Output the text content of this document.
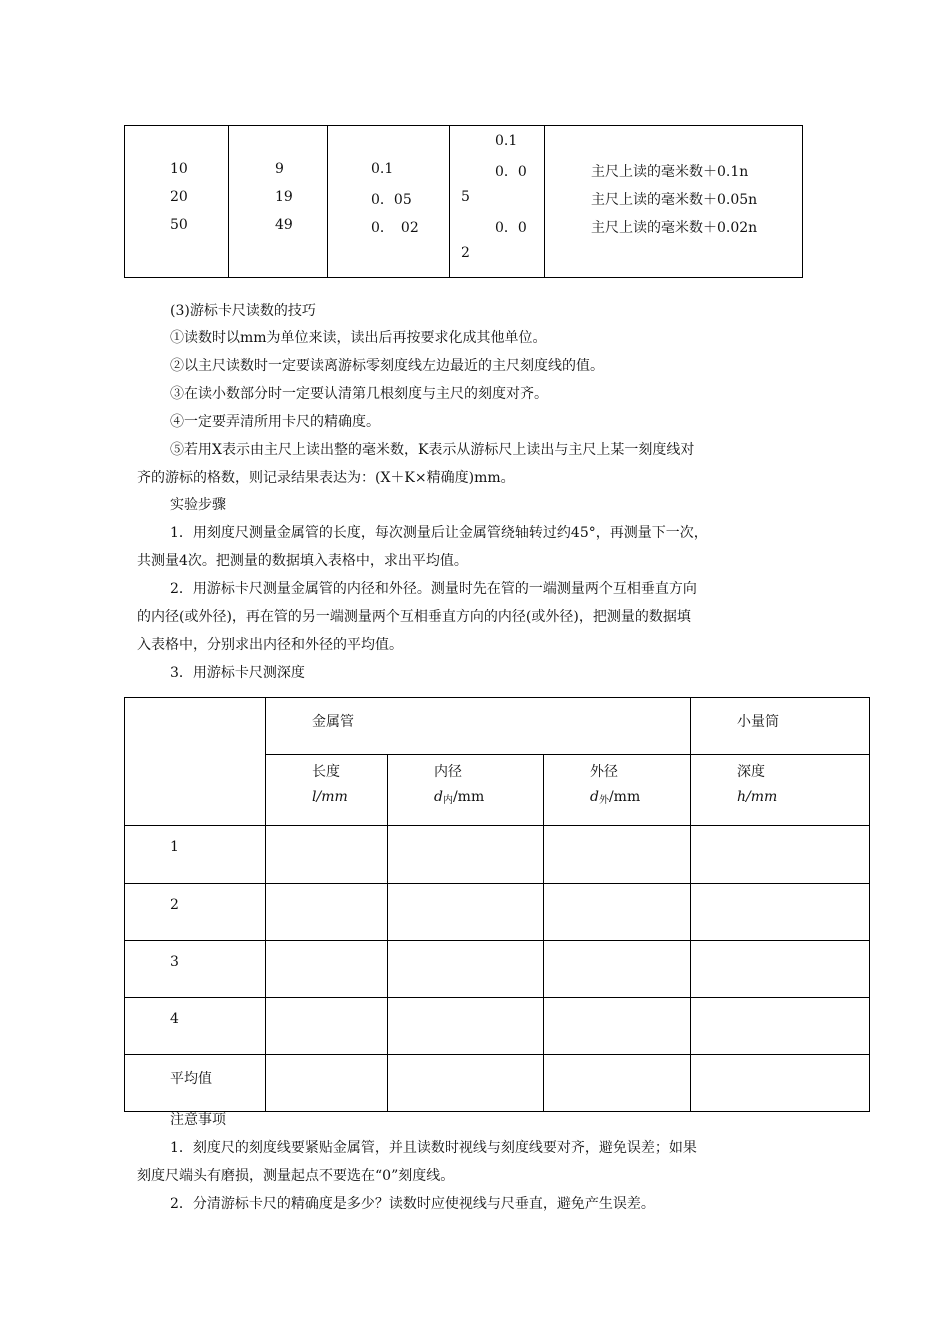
10
20
50
9
19
49
0.1
0．05
0．　02
0.1
0．0
5
0．0
2
主尺上读的毫米数＋0.1n
主尺上读的毫米数＋0.05n
主尺上读的毫米数＋0.02n
(3)游标卡尺读数的技巧
①读数时以mm为单位来读，读出后再按要求化成其他单位。
②以主尺读数时一定要读离游标零刻度线左边最近的主尺刻度线的值。
③在读小数部分时一定要认清第几根刻度与主尺的刻度对齐。
④一定要弄清所用卡尺的精确度。
⑤若用X表示由主尺上读出整的毫米数，K表示从游标尺上读出与主尺上某一刻度线对
齐的游标的格数，则记录结果表达为：(X＋K×精确度)mm。
实验步骤
1．用刻度尺测量金属管的长度，每次测量后让金属管绕轴转过约45°，再测量下一次，
共测量4次。把测量的数据填入表格中，求出平均值。
2．用游标卡尺测量金属管的内径和外径。测量时先在管的一端测量两个互相垂直方向
的内径(或外径)，再在管的另一端测量两个互相垂直方向的内径(或外径)，把测量的数据填
入表格中，分别求出内径和外径的平均值。
3．用游标卡尺测深度
金属管	小量筒
长度
l/mm
内径
$d_内/mm$
外径
$d_外/mm$
深度
h/mm
1
2
3
4
平均值
注意事项
1．刻度尺的刻度线要紧贴金属管，并且读数时视线与刻度线要对齐，避免误差；如果
刻度尺端头有磨损，测量起点不要选在“0”刻度线。
2．分清游标卡尺的精确度是多少？读数时应使视线与尺垂直，避免产生误差。
